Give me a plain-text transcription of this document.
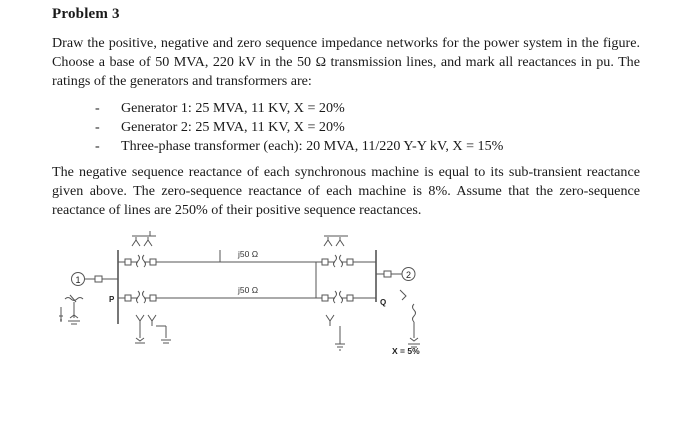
Problem 3

Draw the positive, negative and zero sequence impedance networks for the power system in the figure. Choose a base of 50 MVA, 220 kV in the 50 Ω transmission lines, and mark all reactances in pu. The ratings of the generators and transformers are:

- Generator 1: 25 MVA, 11 KV, X = 20%
- Generator 2: 25 MVA, 11 KV, X = 20%
- Three-phase transformer (each): 20 MVA, 11/220 Y-Y kV, X = 15%

The negative sequence reactance of each synchronous machine is equal to its sub-transient reactance given above. The zero-sequence reactance of each machine is 8%. Assume that the zero-sequence reactance of lines are 250% of their positive sequence reactances.

1	2
j50 Ω
j50 Ω
P	Q
X = 5%
